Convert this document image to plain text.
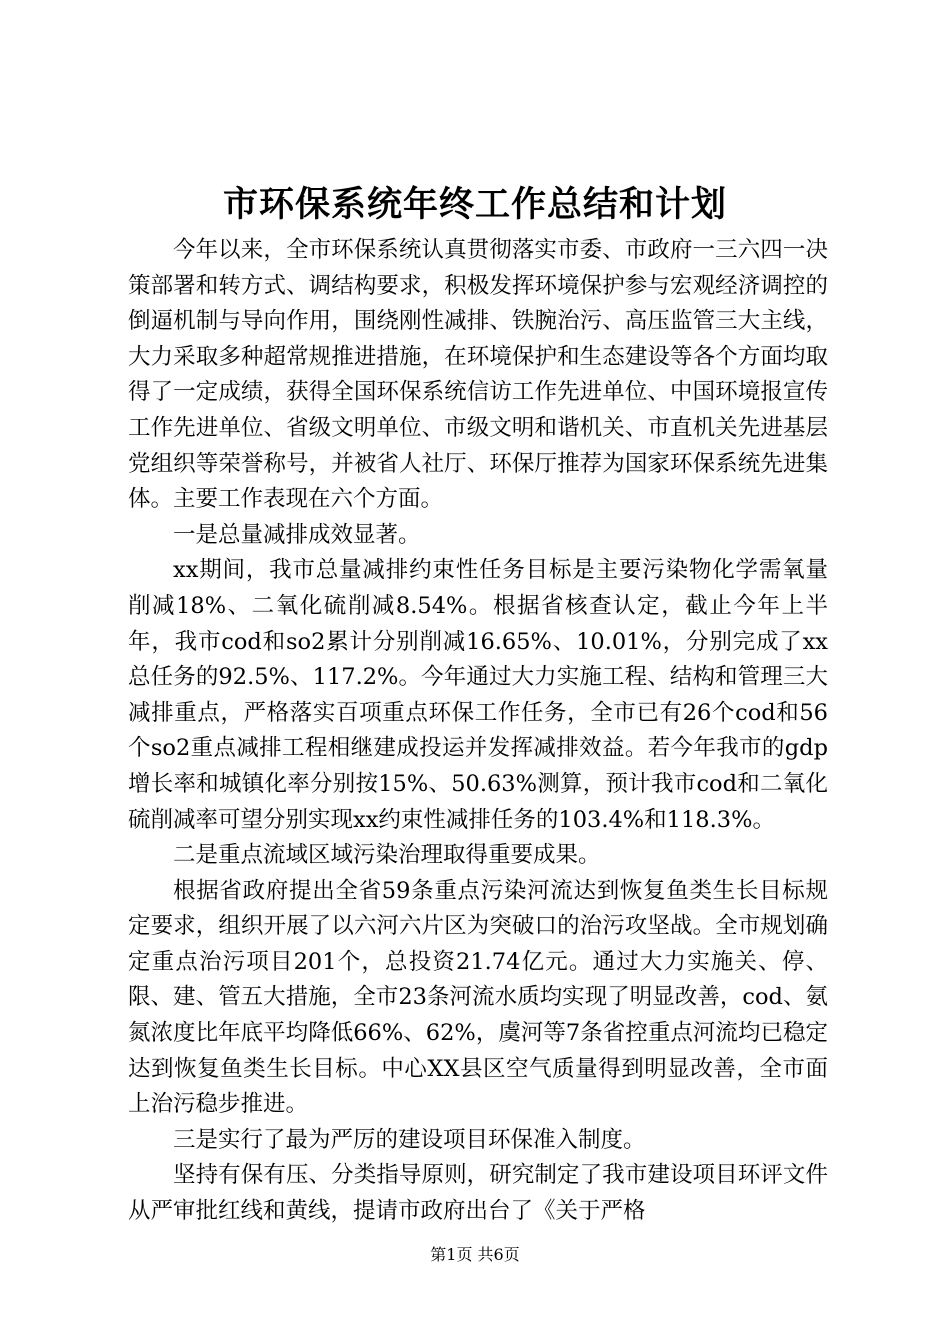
市环保系统年终工作总结和计划

今年以来，全市环保系统认真贯彻落实市委、市政府一三六四一决策部署和转方式、调结构要求，积极发挥环境保护参与宏观经济调控的倒逼机制与导向作用，围绕刚性减排、铁腕治污、高压监管三大主线，大力采取多种超常规推进措施，在环境保护和生态建设等各个方面均取得了一定成绩，获得全国环保系统信访工作先进单位、中国环境报宣传工作先进单位、省级文明单位、市级文明和谐机关、市直机关先进基层党组织等荣誉称号，并被省人社厅、环保厅推荐为国家环保系统先进集体。主要工作表现在六个方面。

一是总量减排成效显著。

xx期间，我市总量减排约束性任务目标是主要污染物化学需氧量削减18%、二氧化硫削减8.54%。根据省核查认定，截止今年上半年，我市cod和so2累计分别削减16.65%、10.01%，分别完成了xx总任务的92.5%、117.2%。今年通过大力实施工程、结构和管理三大减排重点，严格落实百项重点环保工作任务，全市已有26个cod和56个so2重点减排工程相继建成投运并发挥减排效益。若今年我市的gdp增长率和城镇化率分别按15%、50.63%测算，预计我市cod和二氧化硫削减率可望分别实现xx约束性减排任务的103.4%和118.3%。

二是重点流域区域污染治理取得重要成果。

根据省政府提出全省59条重点污染河流达到恢复鱼类生长目标规定要求，组织开展了以六河六片区为突破口的治污攻坚战。全市规划确定重点治污项目201个，总投资21.74亿元。通过大力实施关、停、限、建、管五大措施，全市23条河流水质均实现了明显改善，cod、氨氮浓度比年底平均降低66%、62%，虞河等7条省控重点河流均已稳定达到恢复鱼类生长目标。中心XX县区空气质量得到明显改善，全市面上治污稳步推进。

三是实行了最为严厉的建设项目环保准入制度。

坚持有保有压、分类指导原则，研究制定了我市建设项目环评文件从严审批红线和黄线，提请市政府出台了《关于严格

第1页 共6页
